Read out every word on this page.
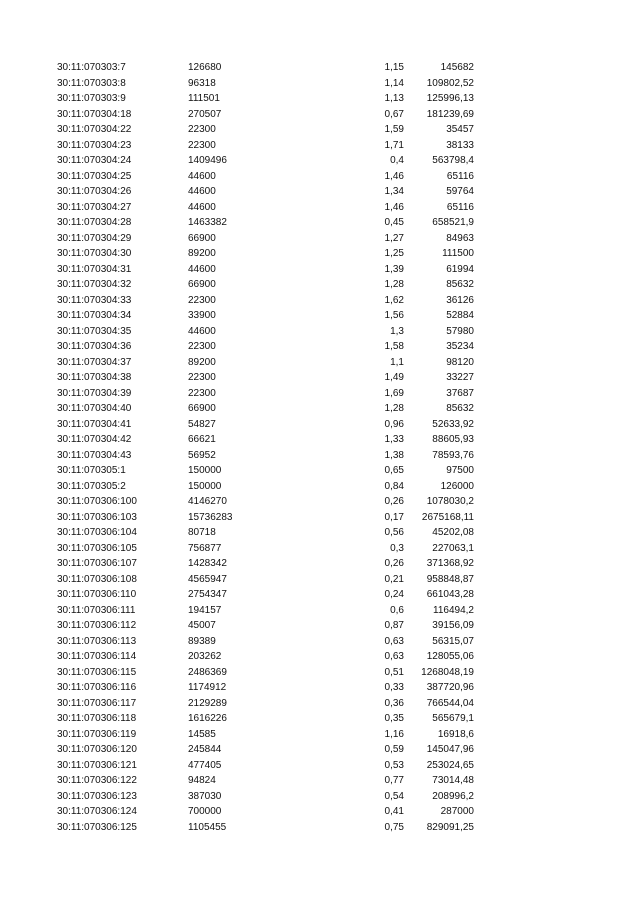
30:11:070303:7	126680	1,15	145682
30:11:070303:8	96318	1,14 109802,52
30:11:070303:9	111501	1,13 125996,13
30:11:070304:18	270507	0,67 181239,69
30:11:070304:22	22300	1,59	35457
30:11:070304:23	22300	1,71	38133
30:11:070304:24	1409496	0,4	563798,4
30:11:070304:25	44600	1,46	65116
30:11:070304:26	44600	1,34	59764
30:11:070304:27	44600	1,46	65116
30:11:070304:28	1463382	0,45	658521,9
30:11:070304:29	66900	1,27	84963
30:11:070304:30	89200	1,25	111500
30:11:070304:31	44600	1,39	61994
30:11:070304:32	66900	1,28	85632
30:11:070304:33	22300	1,62	36126
30:11:070304:34	33900	1,56	52884
30:11:070304:35	44600	1,3	57980
30:11:070304:36	22300	1,58	35234
30:11:070304:37	89200	1,1	98120
30:11:070304:38	22300	1,49	33227
30:11:070304:39	22300	1,69	37687
30:11:070304:40	66900	1,28	85632
30:11:070304:41	54827	0,96	52633,92
30:11:070304:42	66621	1,33	88605,93
30:11:070304:43	56952	1,38	78593,76
30:11:070305:1	150000	0,65	97500
30:11:070305:2	150000	0,84	126000
30:11:070306:100	4146270	0,26 1078030,2
30:11:070306:103	15736283	0,17 2675168,11
30:11:070306:104	80718	0,56	45202,08
30:11:070306:105	756877	0,3	227063,1
30:11:070306:107	1428342	0,26 371368,92
30:11:070306:108	4565947	0,21 958848,87
30:11:070306:110	2754347	0,24 661043,28
30:11:070306:111	194157	0,6	116494,2
30:11:070306:112	45007	0,87	39156,09
30:11:070306:113	89389	0,63	56315,07
30:11:070306:114	203262	0,63 128055,06
30:11:070306:115	2486369	0,51 1268048,19
30:11:070306:116	1174912	0,33 387720,96
30:11:070306:117	2129289	0,36 766544,04
30:11:070306:118	1616226	0,35	565679,1
30:11:070306:119	14585	1,16	16918,6
30:11:070306:120	245844	0,59 145047,96
30:11:070306:121	477405	0,53 253024,65
30:11:070306:122	94824	0,77	73014,48
30:11:070306:123	387030	0,54	208996,2
30:11:070306:124	700000	0,41	287000
30:11:070306:125	1105455	0,75 829091,25
